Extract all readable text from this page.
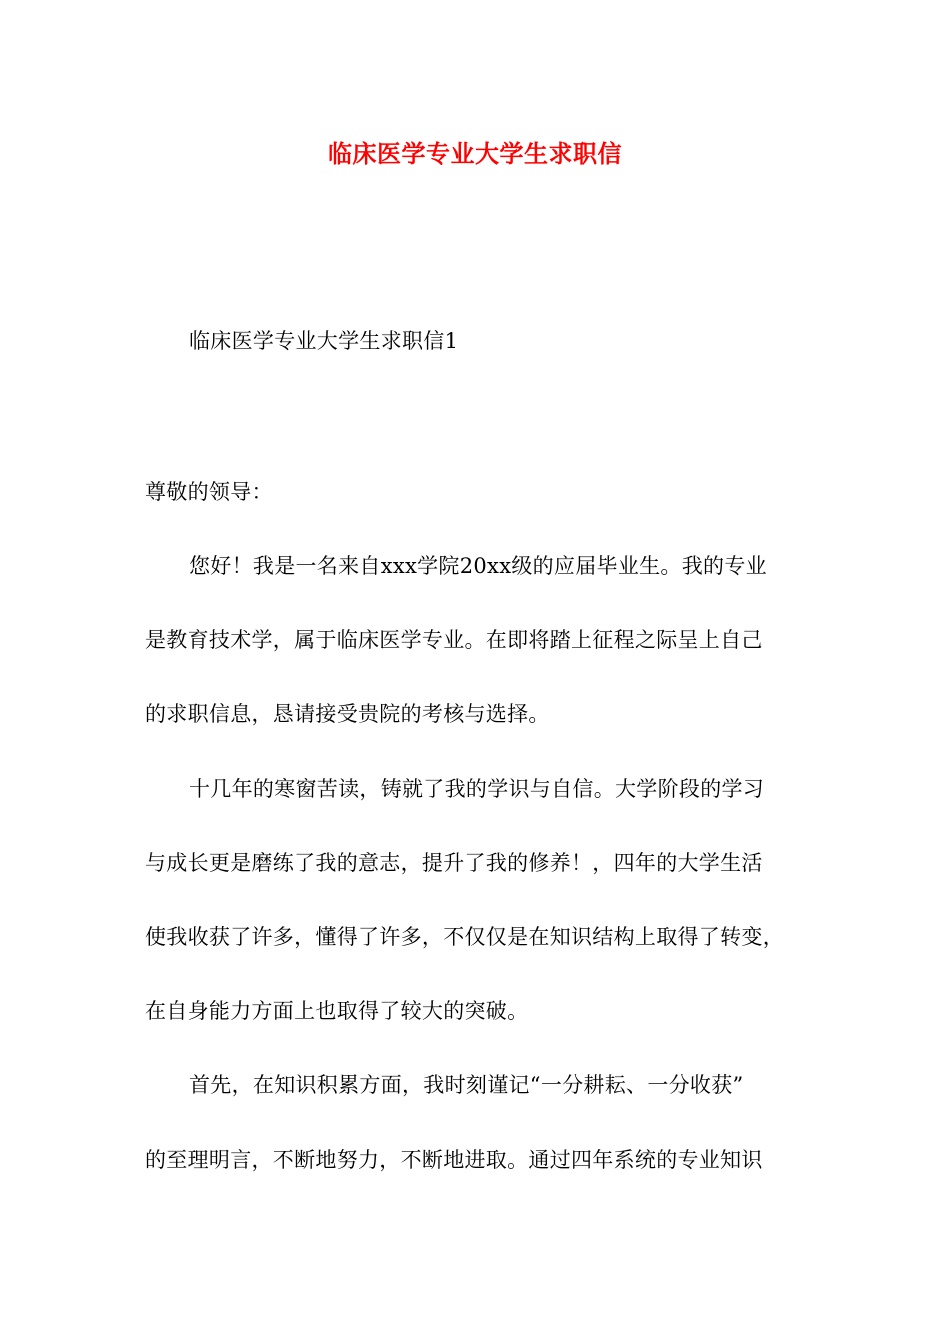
临床医学专业大学生求职信
临床医学专业大学生求职信1
尊敬的领导：
您好！我是一名来自xxx学院20xx级的应届毕业生。我的专业
是教育技术学，属于临床医学专业。在即将踏上征程之际呈上自己
的求职信息，恳请接受贵院的考核与选择。
十几年的寒窗苦读，铸就了我的学识与自信。大学阶段的学习
与成长更是磨练了我的意志，提升了我的修养！，四年的大学生活
使我收获了许多，懂得了许多，不仅仅是在知识结构上取得了转变，
在自身能力方面上也取得了较大的突破。
首先，在知识积累方面，我时刻谨记“一分耕耘、一分收获”
的至理明言，不断地努力，不断地进取。通过四年系统的专业知识
